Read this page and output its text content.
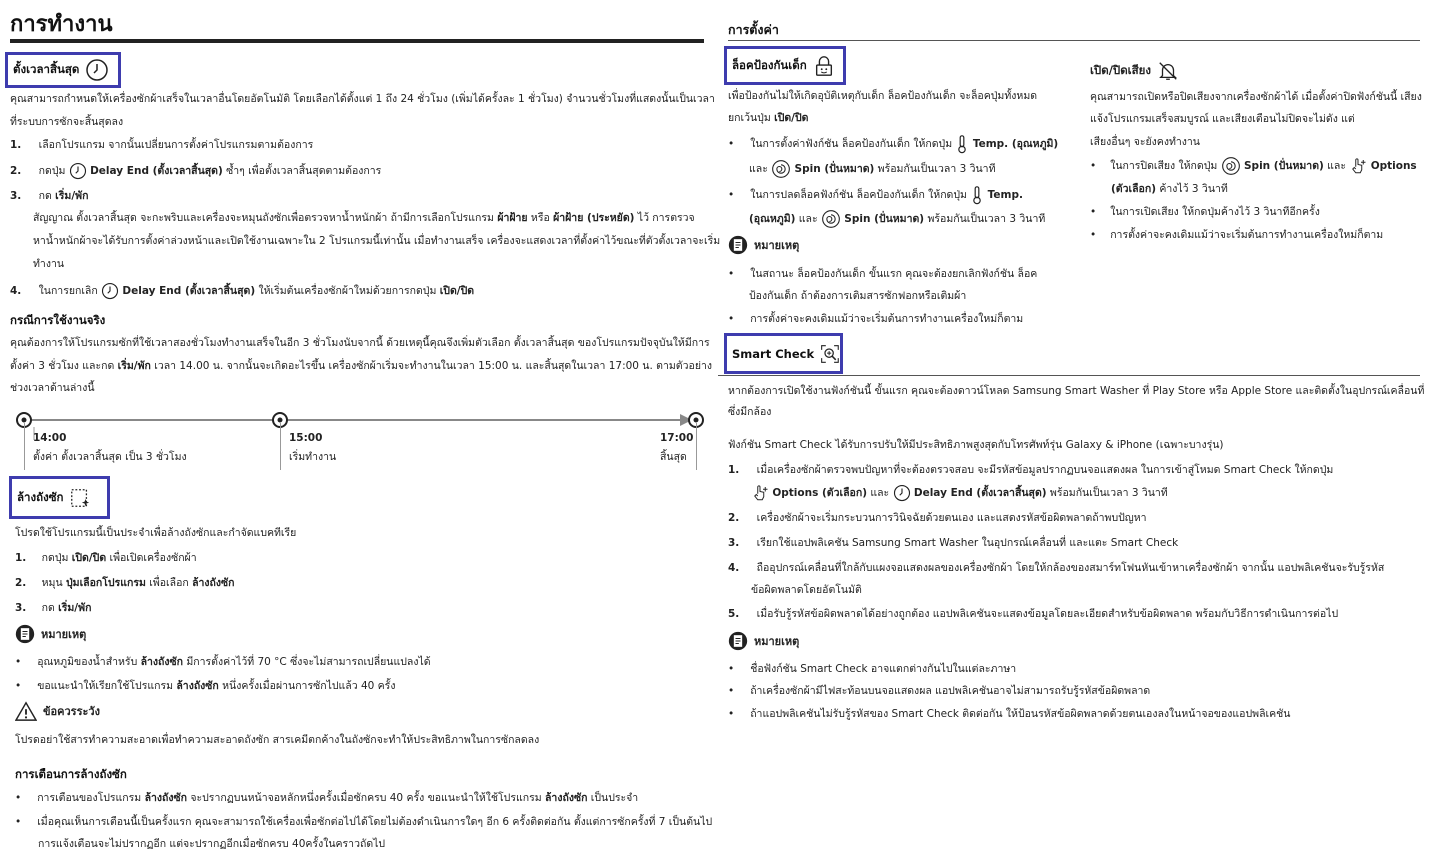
การทำงาน
ตั้งเวลาสิ้นสุด
คุณสามารถกำหนดให้เครื่องซักผ้าเสร็จในเวลาอื่นโดยอัตโนมัติ โดยเลือกได้ตั้งแต่ 1 ถึง 24 ชั่วโมง (เพิ่มได้ครั้งละ 1 ชั่วโมง) จำนวนชั่วโมงที่แสดงนั้นเป็นเวลา
ที่ระบบการซักจะสิ้นสุดลง
1. เลือกโปรแกรม จากนั้นเปลี่ยนการตั้งค่าโปรแกรมตามต้องการ
2. กดปุ่ม Delay End (ตั้งเวลาสิ้นสุด) ซ้ำๆ เพื่อตั้งเวลาสิ้นสุดตามต้องการ
3. กด เริ่ม/พัก
สัญญาณ ตั้งเวลาสิ้นสุด จะกะพริบและเครื่องจะหมุนถังซักเพื่อตรวจหาน้ำหนักผ้า ถ้ามีการเลือกโปรแกรม ผ้าฝ้าย หรือ ผ้าฝ้าย (ประหยัด) ไว้ การตรวจ
หาน้ำหนักผ้าจะได้รับการตั้งค่าล่วงหน้าและเปิดใช้งานเฉพาะใน 2 โปรแกรมนี้เท่านั้น เมื่อทำงานเสร็จ เครื่องจะแสดงเวลาที่ตั้งค่าไว้ขณะที่ตัวตั้งเวลาจะเริ่ม
ทำงาน
4. ในการยกเลิก Delay End (ตั้งเวลาสิ้นสุด) ให้เริ่มต้นเครื่องซักผ้าใหม่ด้วยการกดปุ่ม เปิด/ปิด
กรณีการใช้งานจริง
คุณต้องการให้โปรแกรมซักที่ใช้เวลาสองชั่วโมงทำงานเสร็จในอีก 3 ชั่วโมงนับจากนี้ ด้วยเหตุนี้คุณจึงเพิ่มตัวเลือก ตั้งเวลาสิ้นสุด ของโปรแกรมปัจจุบันให้มีการ
ตั้งค่า 3 ชั่วโมง และกด เริ่ม/พัก เวลา 14.00 น. จากนั้นจะเกิดอะไรขึ้น เครื่องซักผ้าเริ่มจะทำงานในเวลา 15:00 น. และสิ้นสุดในเวลา 17:00 น. ตามตัวอย่าง
ช่วงเวลาด้านล่างนี้
14:00
ตั้งค่า ตั้งเวลาสิ้นสุด เป็น 3 ชั่วโมง
15:00
เริ่มทำงาน
17:00
สิ้นสุด
ล้างถังซัก
โปรดใช้โปรแกรมนี้เป็นประจำเพื่อล้างถังซักและกำจัดแบคทีเรีย
1. กดปุ่ม เปิด/ปิด เพื่อเปิดเครื่องซักผ้า
2. หมุน ปุ่มเลือกโปรแกรม เพื่อเลือก ล้างถังซัก
3. กด เริ่ม/พัก
หมายเหตุ
• อุณหภูมิของน้ำสำหรับ ล้างถังซัก มีการตั้งค่าไว้ที่ 70 °C ซึ่งจะไม่สามารถเปลี่ยนแปลงได้
• ขอแนะนำให้เรียกใช้โปรแกรม ล้างถังซัก หนึ่งครั้งเมื่อผ่านการซักไปแล้ว 40 ครั้ง
ข้อควรระวัง
โปรดอย่าใช้สารทำความสะอาดเพื่อทำความสะอาดถังซัก สารเคมีตกค้างในถังซักจะทำให้ประสิทธิภาพในการซักลดลง
การเตือนการล้างถังซัก
• การเตือนของโปรแกรม ล้างถังซัก จะปรากฏบนหน้าจอหลักหนึ่งครั้งเมื่อซักครบ 40 ครั้ง ขอแนะนำให้ใช้โปรแกรม ล้างถังซัก เป็นประจำ
• เมื่อคุณเห็นการเตือนนี้เป็นครั้งแรก คุณจะสามารถใช้เครื่องเพื่อซักต่อไปได้โดยไม่ต้องดำเนินการใดๆ อีก 6 ครั้งติดต่อกัน ตั้งแต่การซักครั้งที่ 7 เป็นต้นไป
การแจ้งเตือนจะไม่ปรากฏอีก แต่จะปรากฏอีกเมื่อซักครบ 40ครั้งในคราวถัดไป
การตั้งค่า
ล็อคป้องกันเด็ก
เพื่อป้องกันไม่ให้เกิดอุบัติเหตุกับเด็ก ล็อคป้องกันเด็ก จะล็อคปุ่มทั้งหมด
ยกเว้นปุ่ม เปิด/ปิด
• ในการตั้งค่าฟังก์ชัน ล็อคป้องกันเด็ก ให้กดปุ่ม Temp. (อุณหภูมิ)
และ	Spin (ปั่นหมาด) พร้อมกันเป็นเวลา 3 วินาที
• ในการปลดล็อคฟังก์ชัน ล็อคป้องกันเด็ก ให้กดปุ่ม Temp.
(อุณหภูมิ) และ	Spin (ปั่นหมาด) พร้อมกันเป็นเวลา 3 วินาที
หมายเหตุ
• ในสถานะ ล็อคป้องกันเด็ก ขั้นแรก คุณจะต้องยกเลิกฟังก์ชัน ล็อค
ป้องกันเด็ก ถ้าต้องการเติมสารซักฟอกหรือเติมผ้า
• การตั้งค่าจะคงเดิมแม้ว่าจะเริ่มต้นการทำงานเครื่องใหม่ก็ตาม
เปิด/ปิดเสียง
คุณสามารถเปิดหรือปิดเสียงจากเครื่องซักผ้าได้ เมื่อตั้งค่าปิดฟังก์ชันนี้ เสียง
แจ้งโปรแกรมเสร็จสมบูรณ์ และเสียงเตือนไม่ปิดจะไม่ดัง แต่
เสียงอื่นๆ จะยังคงทำงาน
• ในการปิดเสียง ให้กดปุ่ม	Spin (ปั่นหมาด) และ Options
(ตัวเลือก) ค้างไว้ 3 วินาที
• ในการเปิดเสียง ให้กดปุ่มค้างไว้ 3 วินาทีอีกครั้ง
• การตั้งค่าจะคงเดิมแม้ว่าจะเริ่มต้นการทำงานเครื่องใหม่ก็ตาม
Smart Check
หากต้องการเปิดใช้งานฟังก์ชันนี้ ขั้นแรก คุณจะต้องดาวน์โหลด Samsung Smart Washer ที่ Play Store หรือ Apple Store และติดตั้งในอุปกรณ์เคลื่อนที่
ซึ่งมีกล้อง
ฟังก์ชัน Smart Check ได้รับการปรับให้มีประสิทธิภาพสูงสุดกับโทรศัพท์รุ่น Galaxy & iPhone (เฉพาะบางรุ่น)
1. เมื่อเครื่องซักผ้าตรวจพบปัญหาที่จะต้องตรวจสอบ จะมีรหัสข้อมูลปรากฏบนจอแสดงผล ในการเข้าสู่โหมด Smart Check ให้กดปุ่ม
Options (ตัวเลือก) และ Delay End (ตั้งเวลาสิ้นสุด) พร้อมกันเป็นเวลา 3 วินาที
2. เครื่องซักผ้าจะเริ่มกระบวนการวินิจฉัยด้วยตนเอง และแสดงรหัสข้อผิดพลาดถ้าพบปัญหา
3. เรียกใช้แอปพลิเคชัน Samsung Smart Washer ในอุปกรณ์เคลื่อนที่ และแตะ Smart Check
4. ถืออุปกรณ์เคลื่อนที่ใกล้กับแผงจอแสดงผลของเครื่องซักผ้า โดยให้กล้องของสมาร์ทโฟนหันเข้าหาเครื่องซักผ้า จากนั้น แอปพลิเคชันจะรับรู้รหัส
ข้อผิดพลาดโดยอัตโนมัติ
5. เมื่อรับรู้รหัสข้อผิดพลาดได้อย่างถูกต้อง แอปพลิเคชันจะแสดงข้อมูลโดยละเอียดสำหรับข้อผิดพลาด พร้อมกับวิธีการดำเนินการต่อไป
หมายเหตุ
• ชื่อฟังก์ชัน Smart Check อาจแตกต่างกันไปในแต่ละภาษา
• ถ้าเครื่องซักผ้ามีไฟสะท้อนบนจอแสดงผล แอปพลิเคชันอาจไม่สามารถรับรู้รหัสข้อผิดพลาด
• ถ้าแอปพลิเคชันไม่รับรู้รหัสของ Smart Check ติดต่อกัน ให้ป้อนรหัสข้อผิดพลาดด้วยตนเองลงในหน้าจอของแอปพลิเคชัน
